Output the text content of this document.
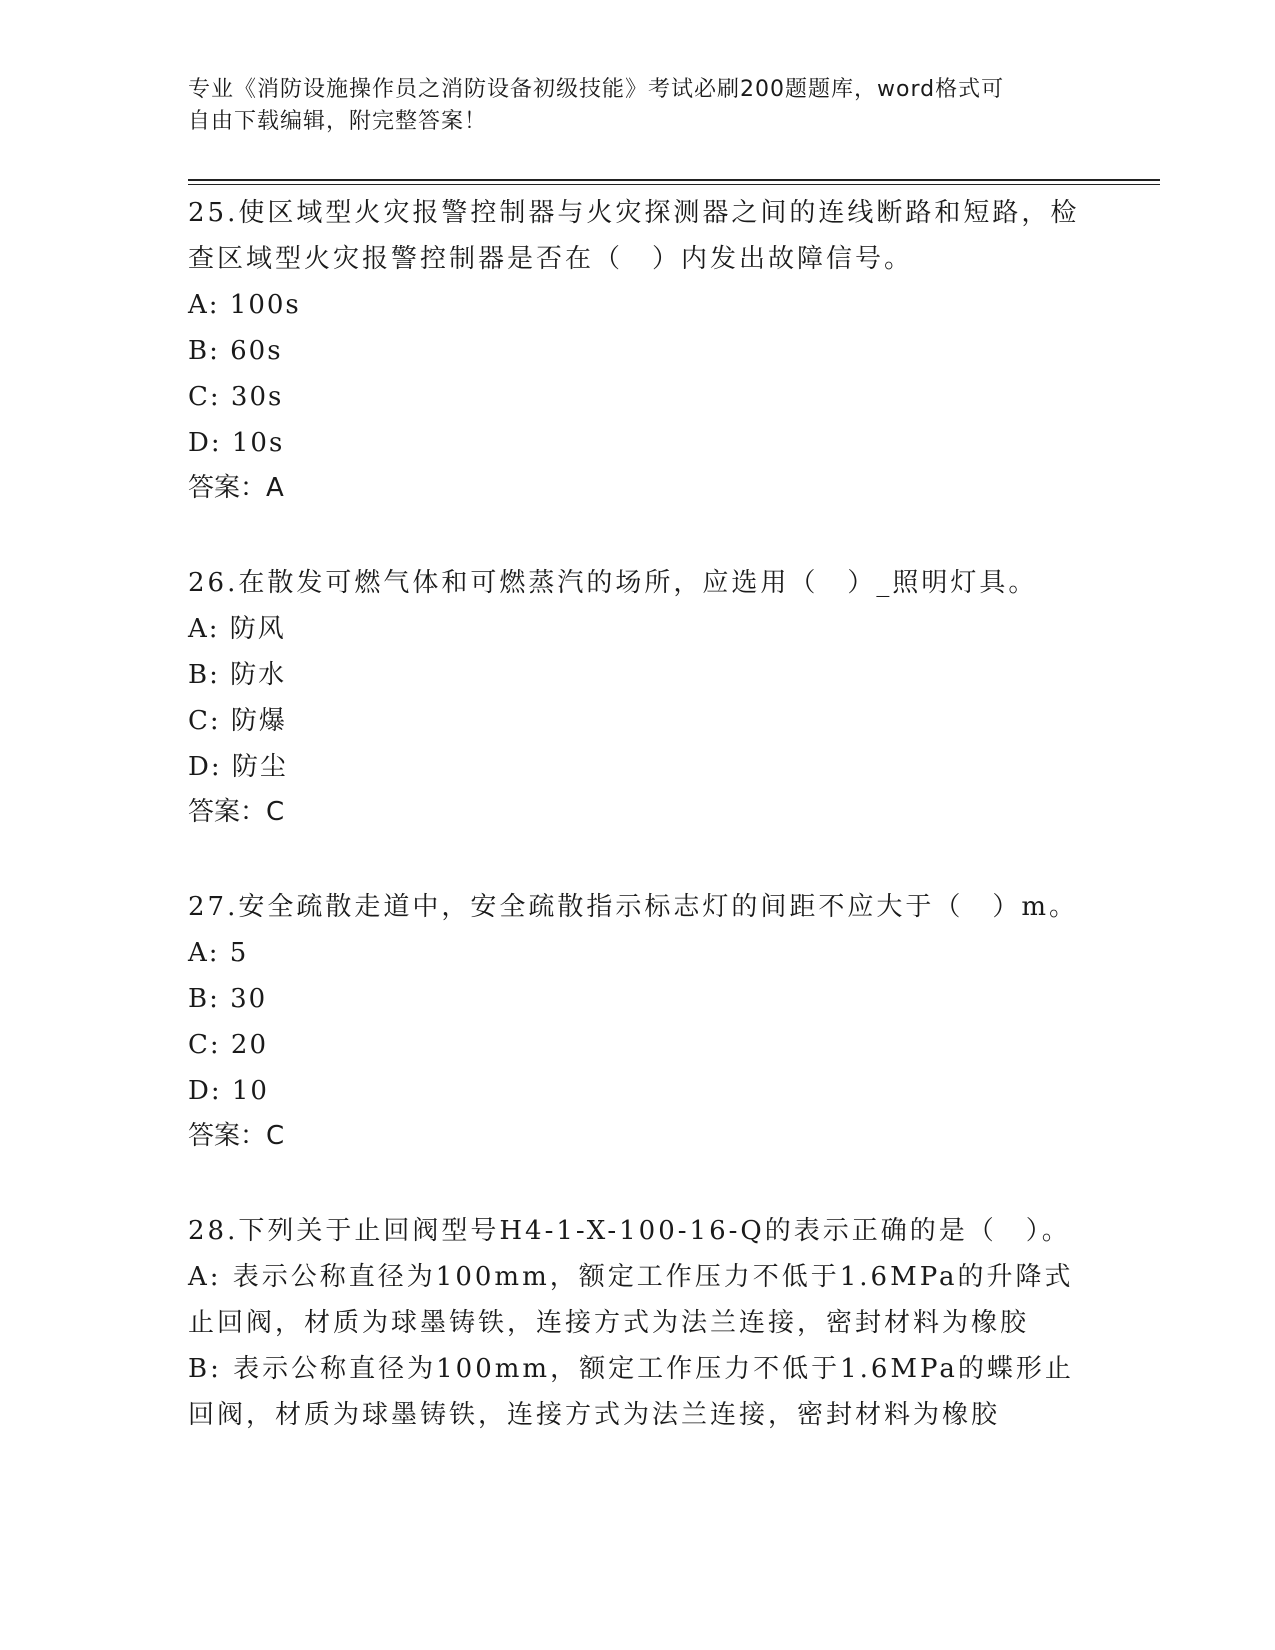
专业《消防设施操作员之消防设备初级技能》考试必刷200题题库，word格式可
自由下载编辑，附完整答案！

25.使区域型火灾报警控制器与火灾探测器之间的连线断路和短路，检查区域型火灾报警控制器是否在（　）内发出故障信号。

A: 100s

B: 60s

C: 30s

D: 10s

答案：A

26.在散发可燃气体和可燃蒸汽的场所，应选用（　）_照明灯具。

A: 防风

B: 防水

C: 防爆

D: 防尘

答案：C

27.安全疏散走道中，安全疏散指示标志灯的间距不应大于（　）m。

A: 5

B: 30

C: 20

D: 10

答案：C

28.下列关于止回阀型号H4-1-X-100-16-Q的表示正确的是（　）。

A: 表示公称直径为100mm，额定工作压力不低于1.6MPa的升降式止回阀，材质为球墨铸铁，连接方式为法兰连接，密封材料为橡胶

B: 表示公称直径为100mm，额定工作压力不低于1.6MPa的蝶形止回阀，材质为球墨铸铁，连接方式为法兰连接，密封材料为橡胶
